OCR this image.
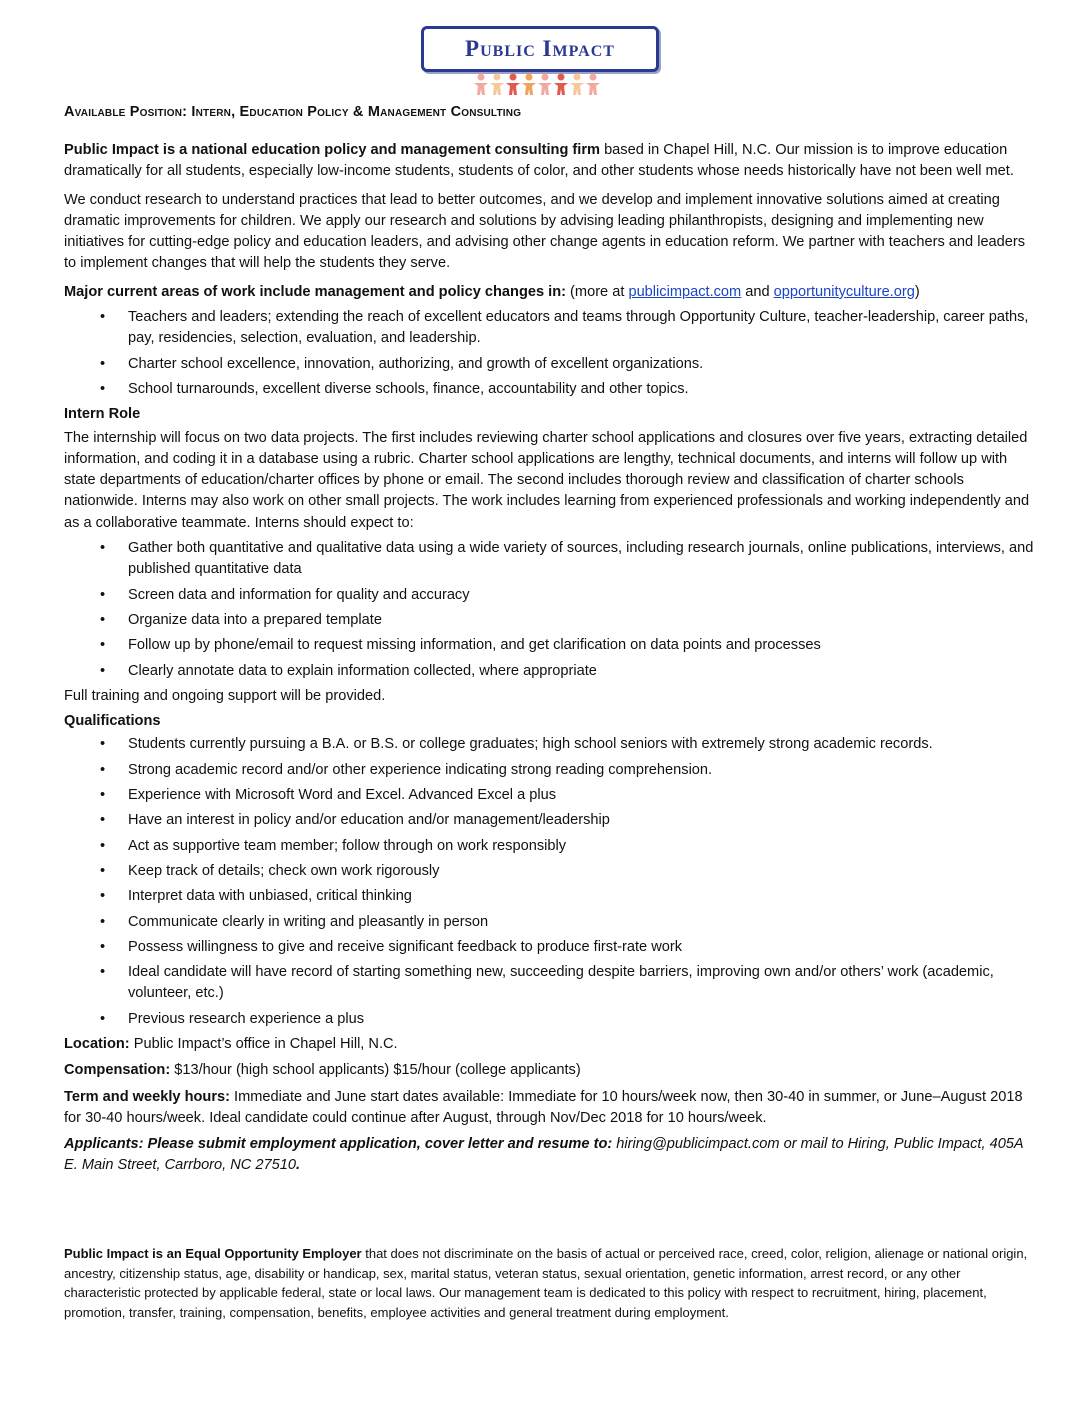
Public Impact
Available Position: Intern, Education Policy & Management Consulting

Public Impact is a national education policy and management consulting firm based in Chapel Hill, N.C. Our mission is to improve education dramatically for all students, especially low-income students, students of color, and other students whose needs historically have not been well met.

We conduct research to understand practices that lead to better outcomes, and we develop and implement innovative solutions aimed at creating dramatic improvements for children. We apply our research and solutions by advising leading philanthropists, designing and implementing new initiatives for cutting-edge policy and education leaders, and advising other change agents in education reform. We partner with teachers and leaders to implement changes that will help the students they serve.

Major current areas of work include management and policy changes in: (more at publicimpact.com and opportunityculture.org)

• Teachers and leaders; extending the reach of excellent educators and teams through Opportunity Culture, teacher-leadership, career paths, pay, residencies, selection, evaluation, and leadership.
• Charter school excellence, innovation, authorizing, and growth of excellent organizations.
• School turnarounds, excellent diverse schools, finance, accountability and other topics.
Intern Role

The internship will focus on two data projects. The first includes reviewing charter school applications and closures over five years, extracting detailed information, and coding it in a database using a rubric. Charter school applications are lengthy, technical documents, and interns will follow up with state departments of education/charter offices by phone or email. The second includes thorough review and classification of charter schools nationwide. Interns may also work on other small projects. The work includes learning from experienced professionals and working independently and as a collaborative teammate. Interns should expect to:

• Gather both quantitative and qualitative data using a wide variety of sources, including research journals, online publications, interviews, and published quantitative data
• Screen data and information for quality and accuracy
• Organize data into a prepared template
• Follow up by phone/email to request missing information, and get clarification on data points and processes
• Clearly annotate data to explain information collected, where appropriate

Full training and ongoing support will be provided.

Qualifications
• Students currently pursuing a B.A. or B.S. or college graduates; high school seniors with extremely strong academic records.
• Strong academic record and/or other experience indicating strong reading comprehension.
• Experience with Microsoft Word and Excel. Advanced Excel a plus
• Have an interest in policy and/or education and/or management/leadership
• Act as supportive team member; follow through on work responsibly
• Keep track of details; check own work rigorously
• Interpret data with unbiased, critical thinking
• Communicate clearly in writing and pleasantly in person
• Possess willingness to give and receive significant feedback to produce first-rate work
• Ideal candidate will have record of starting something new, succeeding despite barriers, improving own and/or others’ work (academic, volunteer, etc.)
• Previous research experience a plus

Location: Public Impact’s office in Chapel Hill, N.C.

Compensation: $13/hour (high school applicants) $15/hour (college applicants)

Term and weekly hours: Immediate and June start dates available: Immediate for 10 hours/week now, then 30-40 in summer, or June–August 2018 for 30-40 hours/week. Ideal candidate could continue after August, through Nov/Dec 2018 for 10 hours/week.

Applicants: Please submit employment application, cover letter and resume to: hiring@publicimpact.com or mail to Hiring, Public Impact, 405A E. Main Street, Carrboro, NC 27510.

Public Impact is an Equal Opportunity Employer that does not discriminate on the basis of actual or perceived race, creed, color, religion, alienage or national origin, ancestry, citizenship status, age, disability or handicap, sex, marital status, veteran status, sexual orientation, genetic information, arrest record, or any other characteristic protected by applicable federal, state or local laws. Our management team is dedicated to this policy with respect to recruitment, hiring, placement, promotion, transfer, training, compensation, benefits, employee activities and general treatment during employment.
